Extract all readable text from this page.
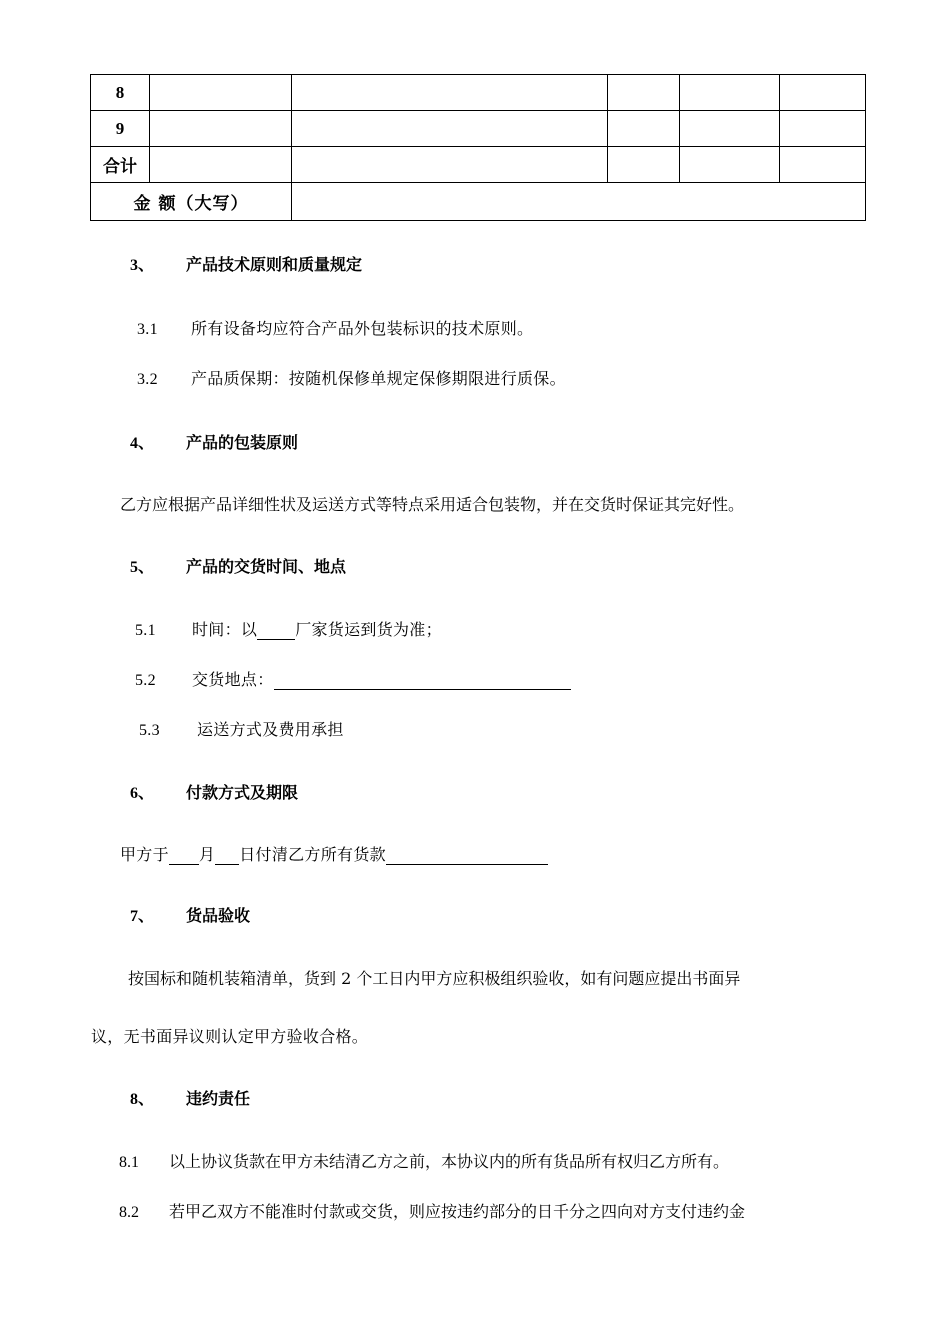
8					
9					
合计					
金 额（大写）					
3、 产品技术原则和质量规定
3.1 所有设备均应符合产品外包装标识的技术原则。
3.2 产品质保期：按随机保修单规定保修期限进行质保。
4、 产品的包装原则
乙方应根据产品详细性状及运送方式等特点采用适合包装物，并在交货时保证其完好性。
5、 产品的交货时间、地点
5.1 时间：以 厂家货运到货为准；
5.2 交货地点：
5.3 运送方式及费用承担
6、 付款方式及期限
甲方于 月 日付清乙方所有货款
7、 货品验收
按国标和随机装箱清单，货到 2 个工日内甲方应积极组织验收，如有问题应提出书面异
议，无书面异议则认定甲方验收合格。
8、 违约责任
8.1 以上协议货款在甲方未结清乙方之前，本协议内的所有货品所有权归乙方所有。
8.2 若甲乙双方不能准时付款或交货，则应按违约部分的日千分之四向对方支付违约金
